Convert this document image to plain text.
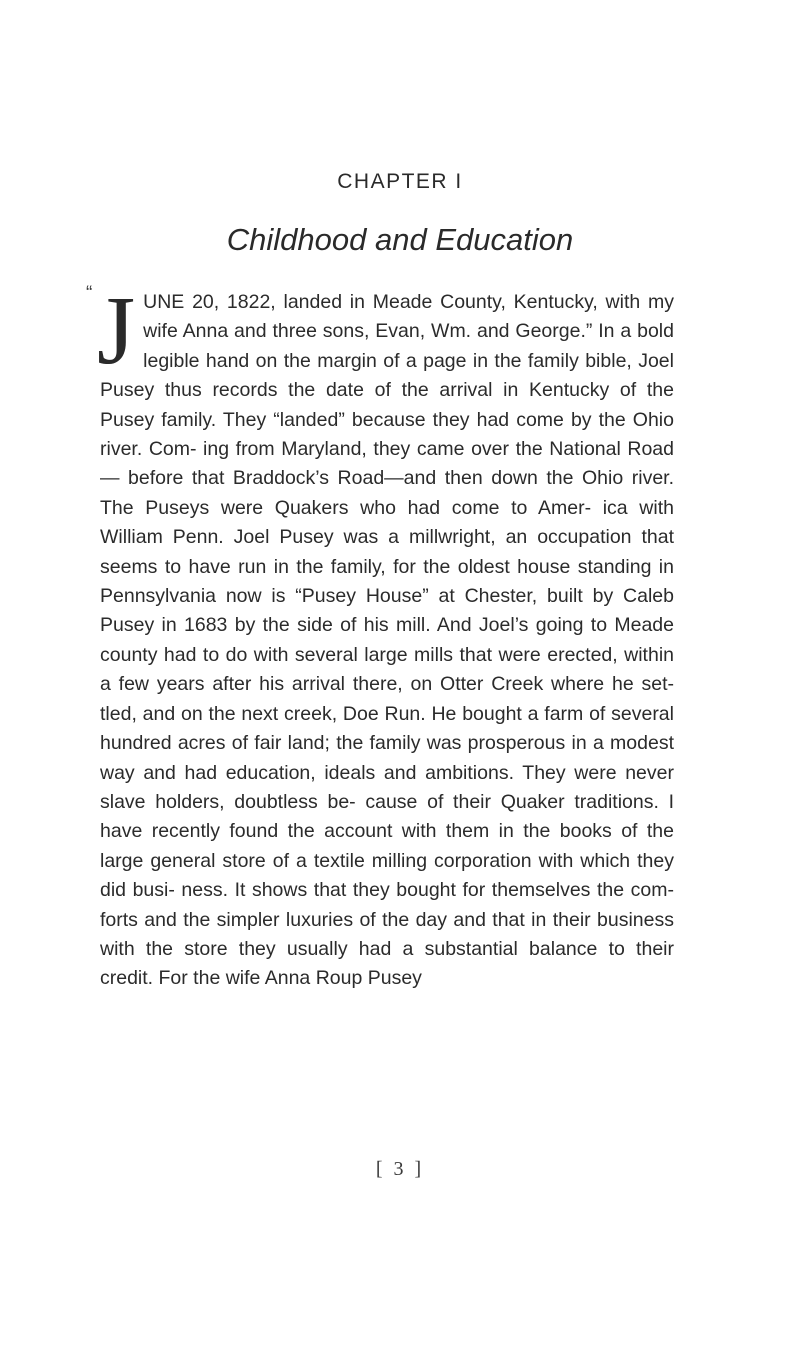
CHAPTER I
Childhood and Education
“ J UNE 20, 1822, landed in Meade County, Kentucky, with my wife Anna and three sons, Evan, Wm. and George.” In a bold legible hand on the margin of a page in the family bible, Joel Pusey thus records the date of the arrival in Kentucky of the Pusey family. They “landed” because they had come by the Ohio river. Com- ing from Maryland, they came over the National Road— before that Braddock’s Road—and then down the Ohio river. The Puseys were Quakers who had come to Amer- ica with William Penn. Joel Pusey was a millwright, an occupation that seems to have run in the family, for the oldest house standing in Pennsylvania now is “Pusey House” at Chester, built by Caleb Pusey in 1683 by the side of his mill. And Joel’s going to Meade county had to do with several large mills that were erected, within a few years after his arrival there, on Otter Creek where he set- tled, and on the next creek, Doe Run. He bought a farm of several hundred acres of fair land; the family was prosperous in a modest way and had education, ideals and ambitions. They were never slave holders, doubtless be- cause of their Quaker traditions. I have recently found the account with them in the books of the large general store of a textile milling corporation with which they did busi- ness. It shows that they bought for themselves the com- forts and the simpler luxuries of the day and that in their business with the store they usually had a substantial balance to their credit. For the wife Anna Roup Pusey

[ 3 ]
